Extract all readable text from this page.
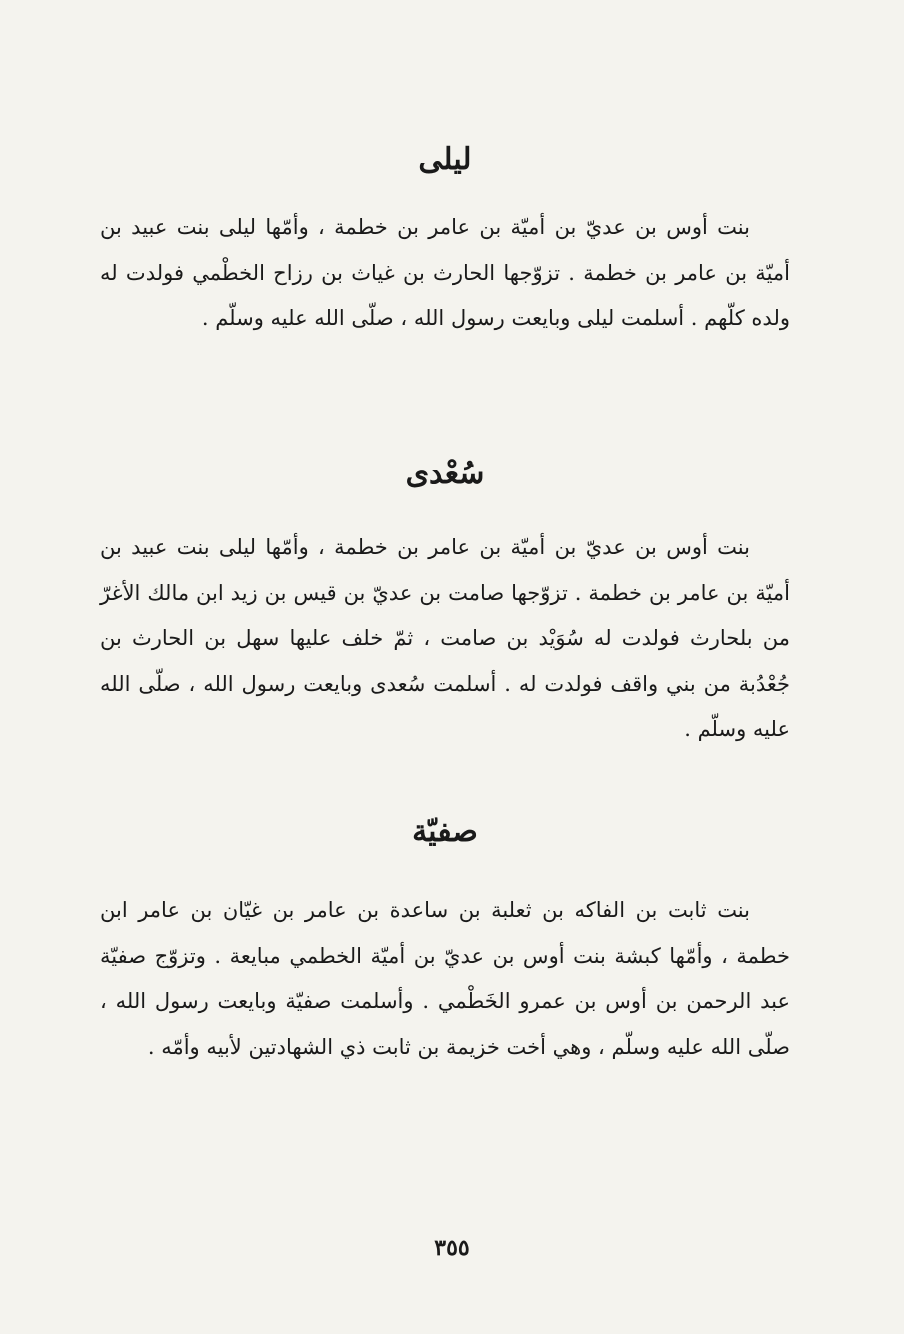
ليلى

بنت أوس بن عديّ بن أميّة بن عامر بن خطمة ، وأمّها ليلى بنت عبيد بن أميّة بن عامر بن خطمة . تزوّجها الحارث بن غياث بن رزاح الخطْمي فولدت له ولده كلّهم . أسلمت ليلى وبايعت رسول الله ، صلّى الله عليه وسلّم .

سُعْدى

بنت أوس بن عديّ بن أميّة بن عامر بن خطمة ، وأمّها ليلى بنت عبيد بن أميّة بن عامر بن خطمة . تزوّجها صامت بن عديّ بن قيس بن زيد ابن مالك الأغرّ من بلحارث فولدت له سُوَيْد بن صامت ، ثمّ خلف عليها سهل بن الحارث بن جُعْدُبة من بني واقف فولدت له . أسلمت سُعدى وبايعت رسول الله ، صلّى الله عليه وسلّم .

صفيّة

بنت ثابت بن الفاكه بن ثعلبة بن ساعدة بن عامر بن غيّان بن عامر ابن خطمة ، وأمّها كبشة بنت أوس بن عديّ بن أميّة الخطمي مبايعة . وتزوّج صفيّة عبد الرحمن بن أوس بن عمرو الخَطْمي . وأسلمت صفيّة وبايعت رسول الله ، صلّى الله عليه وسلّم ، وهي أخت خزيمة بن ثابت ذي الشهادتين لأبيه وأمّه .

٣٥٥
